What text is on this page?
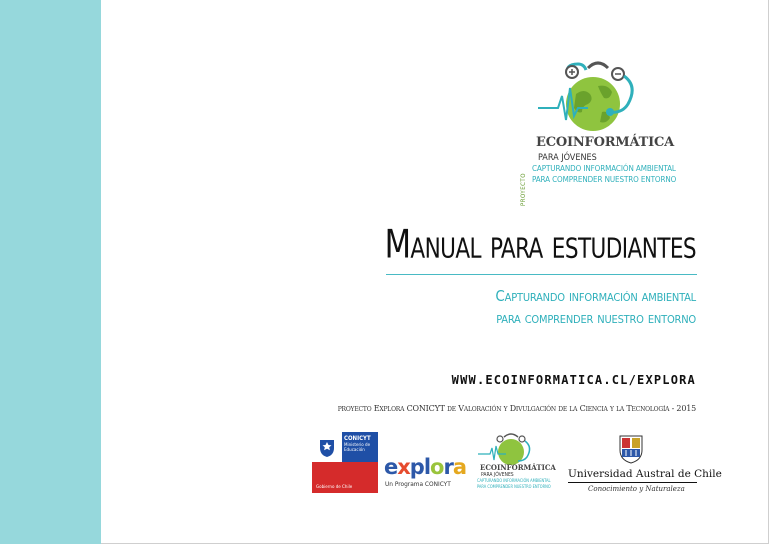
PROYECTO
ECOINFORMÁTICA
PARA JÓVENES
CAPTURANDO INFORMACIÓN AMBIENTAL
PARA COMPRENDER NUESTRO ENTORNO
Manual para estudiantes
Capturando información ambiental
para comprender nuestro entorno
WWW.ECOINFORMATICA.CL/EXPLORA
proyecto Explora CONICYT de Valoración y Divulgación de la Ciencia y la Tecnología - 2015
CONICYT
Ministerio de Educación
Gobierno de Chile
explora
Un Programa CONICYT
ECOINFORMÁTICA
PARA JÓVENES
CAPTURANDO INFORMACIÓN AMBIENTAL
PARA COMPRENDER NUESTRO ENTORNO
Universidad Austral de Chile
Conocimiento y Naturaleza
